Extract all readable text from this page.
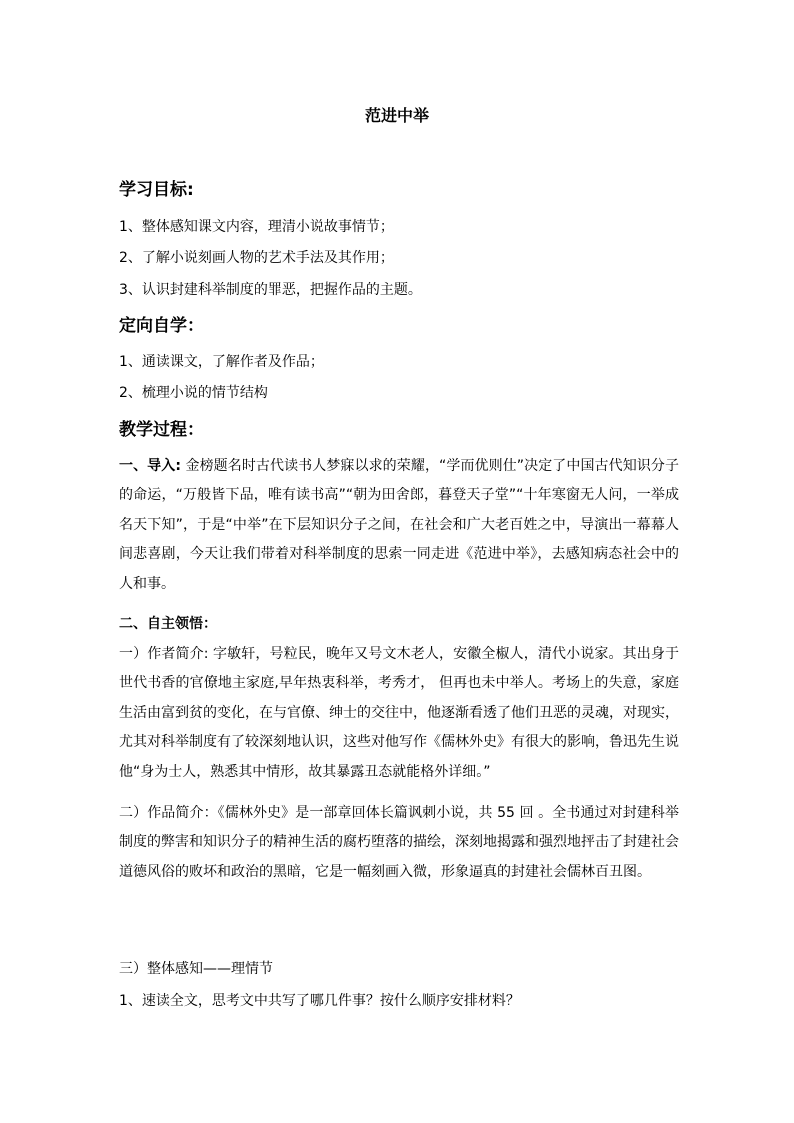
范进中举
学习目标:
1、整体感知课文内容，理清小说故事情节；
2、了解小说刻画人物的艺术手法及其作用；
3、认识封建科举制度的罪恶，把握作品的主题。
定向自学：
1、通读课文，了解作者及作品；
2、梳理小说的情节结构
教学过程：
一、导入: 金榜题名时古代读书人梦寐以求的荣耀，“学而优则仕”决定了中国古代知识分子的命运，“万般皆下品，唯有读书高”“朝为田舍郎，暮登天子堂”“十年寒窗无人问，一举成名天下知”，于是“中举”在下层知识分子之间，在社会和广大老百姓之中，导演出一幕幕人间悲喜剧，今天让我们带着对科举制度的思索一同走进《范进中举》，去感知病态社会中的人和事。
二、自主领悟：
一）作者简介: 字敏轩，号粒民，晚年又号文木老人，安徽全椒人，清代小说家。其出身于世代书香的官僚地主家庭,早年热衷科举，考秀才， 但再也未中举人。考场上的失意，家庭生活由富到贫的变化，在与官僚、绅士的交往中，他逐渐看透了他们丑恶的灵魂，对现实，尤其对科举制度有了较深刻地认识，这些对他写作《儒林外史》有很大的影响，鲁迅先生说他“身为士人，熟悉其中情形，故其暴露丑态就能格外详细。”
二）作品简介：《儒林外史》是一部章回体长篇讽刺小说，共 55 回 。全书通过对封建科举制度的弊害和知识分子的精神生活的腐朽堕落的描绘，深刻地揭露和强烈地抨击了封建社会道德风俗的败坏和政治的黑暗，它是一幅刻画入微，形象逼真的封建社会儒林百丑图。
三）整体感知——理情节
1、速读全文，思考文中共写了哪几件事？按什么顺序安排材料？
